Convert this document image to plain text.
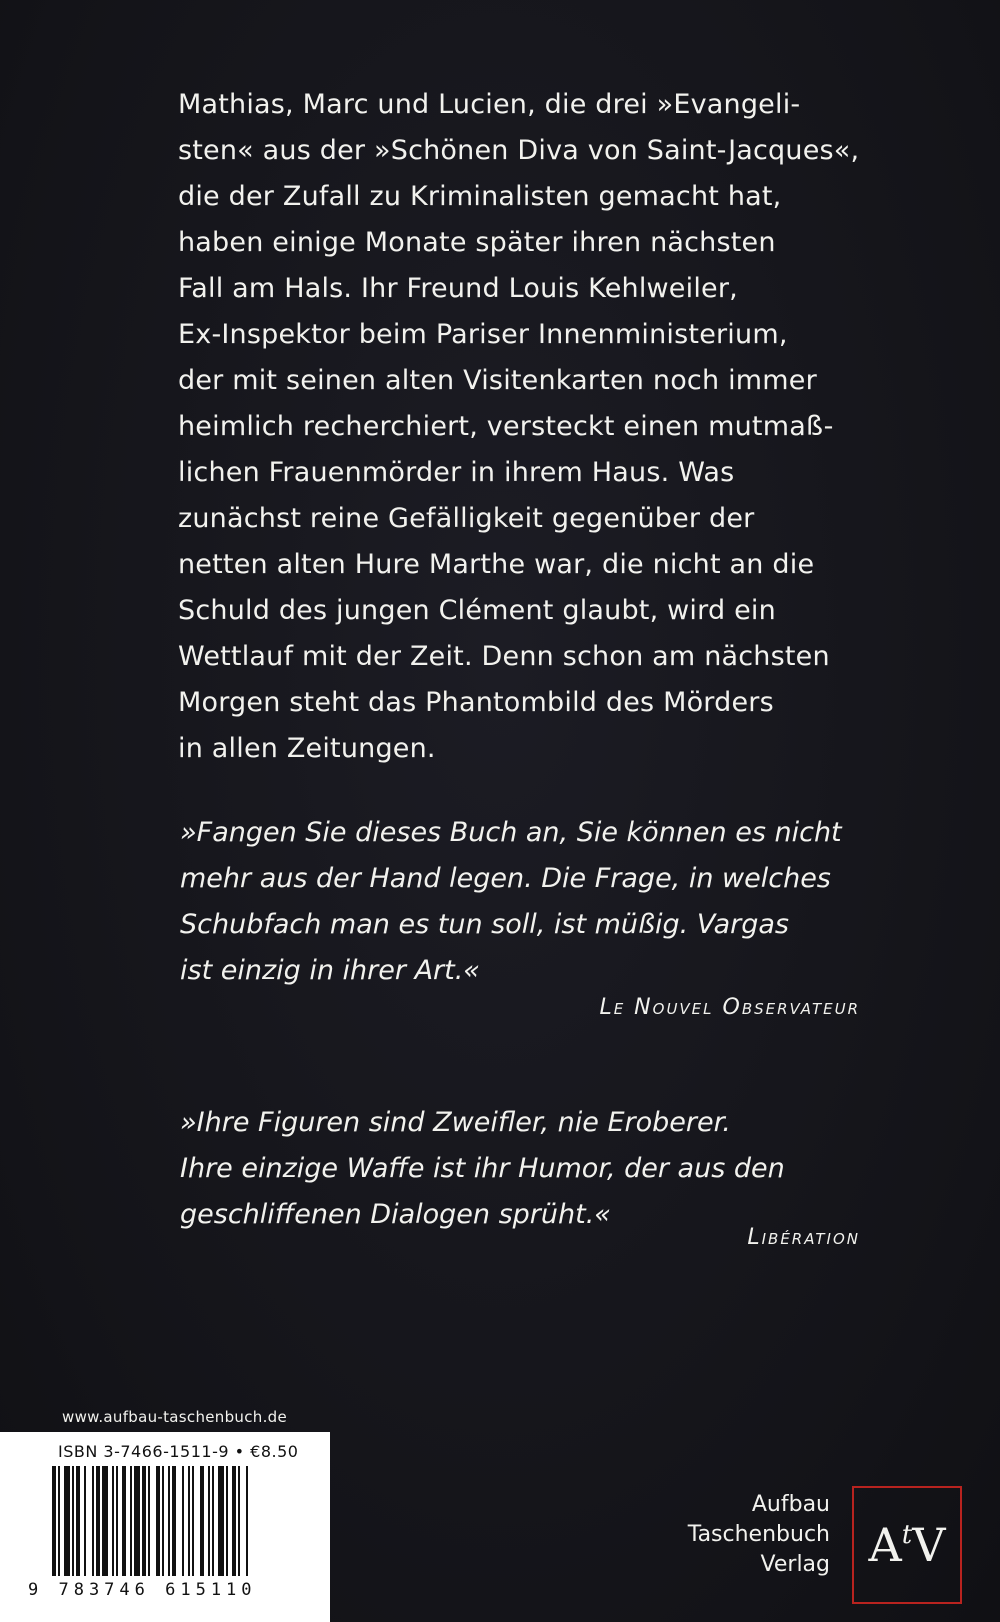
Mathias, Marc und Lucien, die drei »Evangeli-
sten« aus der »Schönen Diva von Saint-Jacques«,
die der Zufall zu Kriminalisten gemacht hat,
haben einige Monate später ihren nächsten
Fall am Hals. Ihr Freund Louis Kehlweiler,
Ex-Inspektor beim Pariser Innenministerium,
der mit seinen alten Visitenkarten noch immer
heimlich recherchiert, versteckt einen mutmaß-
lichen Frauenmörder in ihrem Haus. Was
zunächst reine Gefälligkeit gegenüber der
netten alten Hure Marthe war, die nicht an die
Schuld des jungen Clément glaubt, wird ein
Wettlauf mit der Zeit. Denn schon am nächsten
Morgen steht das Phantombild des Mörders
in allen Zeitungen.
»Fangen Sie dieses Buch an, Sie können es nicht
mehr aus der Hand legen. Die Frage, in welches
Schubfach man es tun soll, ist müßig. Vargas
ist einzig in ihrer Art.«
Le Nouvel Observateur
»Ihre Figuren sind Zweifler, nie Eroberer.
Ihre einzige Waffe ist ihr Humor, der aus den
geschliffenen Dialogen sprüht.«
Libération
www.aufbau-taschenbuch.de
ISBN 3-7466-1511-9 • €8.50
9 783746 615110
Aufbau
Taschenbuch
Verlag $A^t$ V
